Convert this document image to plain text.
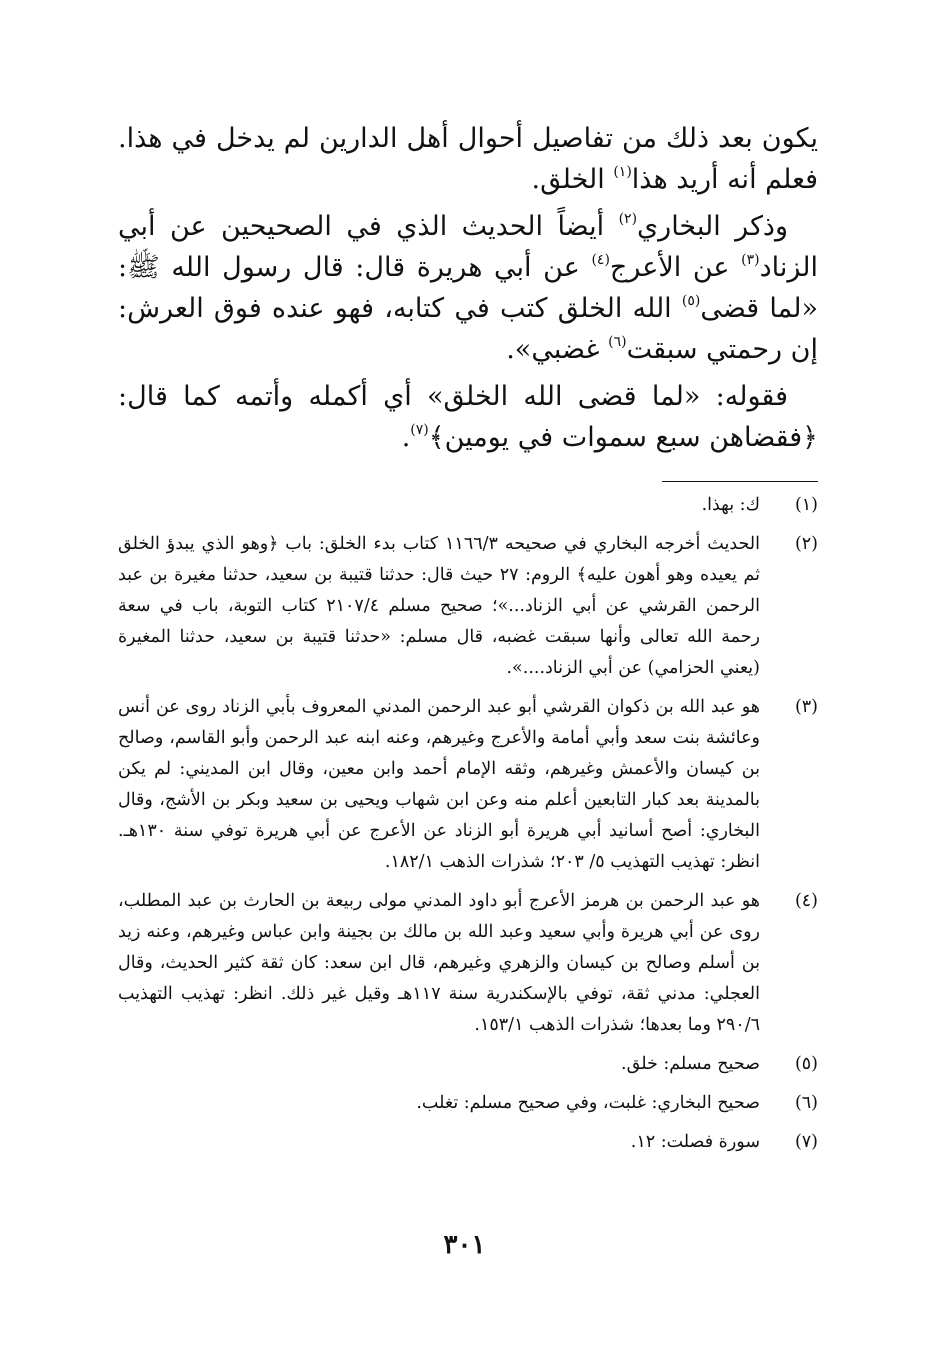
يكون بعد ذلك من تفاصيل أحوال أهل الدارين لم يدخل في هذا. فعلم أنه أريد هذا$^{(١)}$ الخلق.

وذكر البخاري$^{(٢)}$ أيضاً الحديث الذي في الصحيحين عن أبي الزناد$^{(٣)}$ عن الأعرج$^{(٤)}$ عن أبي هريرة قال: قال رسول الله ﷺ: «لما قضى$^{(٥)}$ الله الخلق كتب في كتابه، فهو عنده فوق العرش: إن رحمتي سبقت$^{(٦)}$ غضبي».

فقوله: «لما قضى الله الخلق» أي أكمله وأتمه كما قال: ﴿فقضاهن سبع سموات في يومين﴾$^{(٧)}$.

(١)
ك: بهذا.
(٢)
الحديث أخرجه البخاري في صحيحه ١١٦٦/٣ كتاب بدء الخلق: باب ﴿وهو الذي يبدؤ الخلق ثم يعيده وهو أهون عليه﴾ الروم: ٢٧ حيث قال: حدثنا قتيبة بن سعيد، حدثنا مغيرة بن عبد الرحمن القرشي عن أبي الزناد...»؛ صحيح مسلم ٢١٠٧/٤ كتاب التوبة، باب في سعة رحمة الله تعالى وأنها سبقت غضبه، قال مسلم: «حدثنا قتيبة بن سعيد، حدثنا المغيرة (يعني الحزامي) عن أبي الزناد....».
(٣)
هو عبد الله بن ذكوان القرشي أبو عبد الرحمن المدني المعروف بأبي الزناد روى عن أنس وعائشة بنت سعد وأبي أمامة والأعرج وغيرهم، وعنه ابنه عبد الرحمن وأبو القاسم، وصالح بن كيسان والأعمش وغيرهم، وثقه الإمام أحمد وابن معين، وقال ابن المديني: لم يكن بالمدينة بعد كبار التابعين أعلم منه وعن ابن شهاب ويحيى بن سعيد وبكر بن الأشج، وقال البخاري: أصح أسانيد أبي هريرة أبو الزناد عن الأعرج عن أبي هريرة توفي سنة ١٣٠هـ. انظر: تهذيب التهذيب ٥/ ٢٠٣؛ شذرات الذهب ١٨٢/١.
(٤)
هو عبد الرحمن بن هرمز الأعرج أبو داود المدني مولى ربيعة بن الحارث بن عبد المطلب، روى عن أبي هريرة وأبي سعيد وعبد الله بن مالك بن بجينة وابن عباس وغيرهم، وعنه زيد بن أسلم وصالح بن كيسان والزهري وغيرهم، قال ابن سعد: كان ثقة كثير الحديث، وقال العجلي: مدني ثقة، توفي بالإسكندرية سنة ١١٧هـ وقيل غير ذلك. انظر: تهذيب التهذيب ٢٩٠/٦ وما بعدها؛ شذرات الذهب ١٥٣/١.
(٥)
صحيح مسلم: خلق.
(٦)
صحيح البخاري: غلبت، وفي صحيح مسلم: تغلب.
(٧)
سورة فصلت: ١٢.
٣٠١
